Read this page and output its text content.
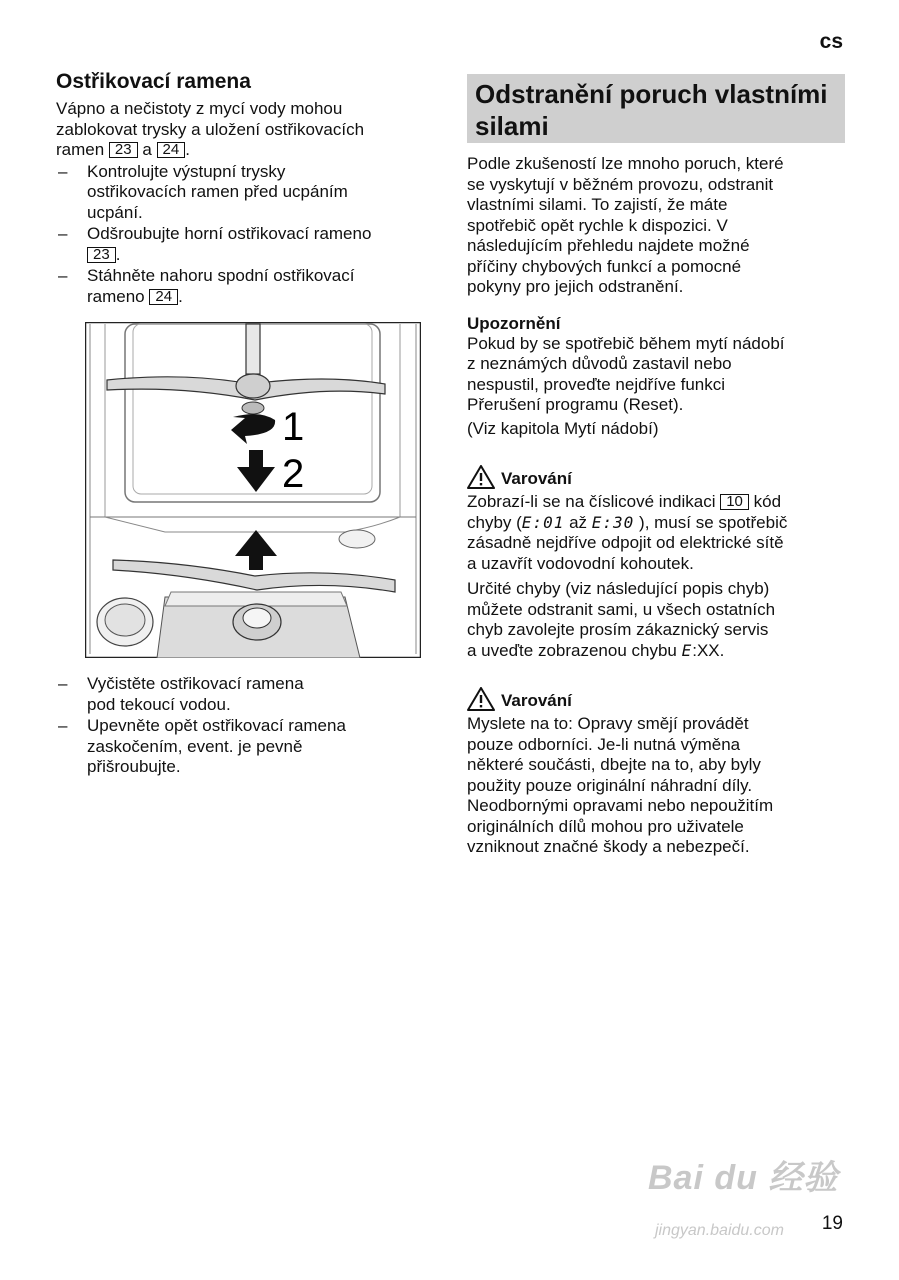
cs
Ostřikovací ramena

Vápno a nečistoty z mycí vody mohou

zablokovat trysky a uložení ostřikovacích

ramen 23 a 24 .

– Kontrolujte výstupní trysky
ostřikovacích ramen před ucpáním
ucpání.
– Odšroubujte horní ostřikovací rameno
23 .
– Stáhněte nahoru spodní ostřikovací
rameno 24 .
1
2
– Vyčistěte ostřikovací ramena
pod tekoucí vodou.
– Upevněte opět ostřikovací ramena
zaskočením, event. je pevně
přišroubujte.
Odstranění poruch vlastními
silami

Podle zkušeností lze mnoho poruch, které

se vyskytují v běžném provozu, odstranit

vlastními silami. To zajistí, že máte

spotřebič opět rychle k dispozici. V

následujícím přehledu najdete možné

příčiny chybových funkcí a pomocné

pokyny pro jejich odstranění.

Upozornění

Pokud by se spotřebič během mytí nádobí

z neznámých důvodů zastavil nebo

nespustil, proveďte nejdříve funkci

Přerušení programu (Reset).

(Viz kapitola Mytí nádobí)

Varování

Zobrazí-li se na číslicové indikaci 10 kód

chyby (E:01 až E:30 ), musí se spotřebič

zásadně nejdříve odpojit od elektrické sítě

a uzavřít vodovodní kohoutek.

Určité chyby (viz následující popis chyb)

můžete odstranit sami, u všech ostatních

chyb zavolejte prosím zákaznický servis

a uveďte zobrazenou chybu E:XX.

Varování

Myslete na to: Opravy smějí provádět

pouze odborníci. Je-li nutná výměna

některé součásti, dbejte na to, aby byly

použity pouze originální náhradní díly.

Neodbornými opravami nebo nepoužitím

originálních dílů mohou pro uživatele

vzniknout značné škody a nebezpečí.

Bai du 经验
jingyan.baidu.com 19
